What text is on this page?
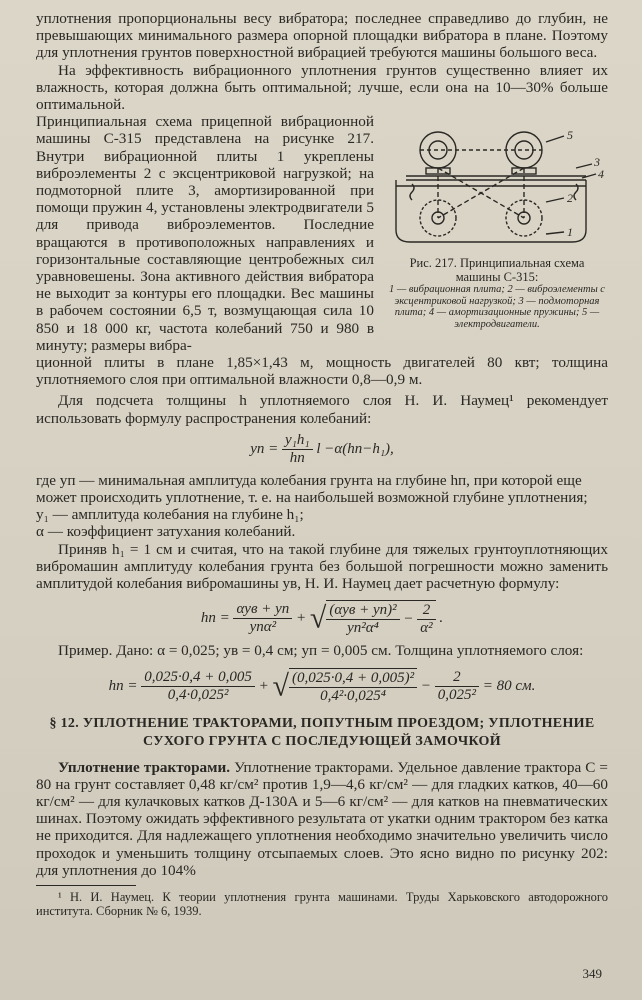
уплотнения пропорциональны весу вибратора; последнее справедливо до глубин, не превышающих минимального размера опорной площадки вибратора в плане. Поэтому для уплотнения грунтов поверхностной вибрацией требуются машины большого веса.

На эффективность вибрационного уплотнения грунтов существенно влияет их влажность, которая должна быть оптимальной; лучше, если она на 10—30% больше оптимальной.

Принципиальная схема прицепной вибрационной машины С-315 представлена на рисунке 217. Внутри вибрационной плиты 1 укреплены виброэлементы 2 с эксцентриковой нагрузкой; на подмоторной плите 3, амортизированной при помощи пружин 4, установлены электродвигатели 5 для привода виброэлементов. Последние вращаются в противоположных направлениях и горизонтальные составляющие центробежных сил уравновешены. Зона активного действия вибратора не выходит за контуры его площадки. Вес машины в рабочем состоянии 6,5 т, возмущающая сила 10 850 и 18 000 кг, частота колебаний 750 и 980 в минуту; размеры вибра-

ционной плиты в плане 1,85×1,43 м, мощность двигателей 80 квт; толщина уплотняемого слоя при оптимальной влажности 0,8—0,9 м.

Для подсчета толщины h уплотняемого слоя Н. И. Наумец¹ рекомендует использовать формулу распространения колебаний:

yп = $\frac{\text{y₁h₁}}{hп}$ l −α(hп−h₁),

где yп — минимальная амплитуда колебания грунта на глубине hп, при которой еще может происходить уплотнение, т. е. на наибольшей возможной глубине уплотнения;

y₁ — амплитуда колебания на глубине h₁;

α — коэффициент затухания колебаний.

Приняв h₁ = 1 см и считая, что на такой глубине для тяжелых грунтоуплотняющих вибромашин амплитуду колебания грунта без большой погрешности можно заменить амплитудой колебания вибромашины yв, Н. И. Наумец дает расчетную формулу:

hп = $\frac{\text{αyв + yп}}{\text{yпα²}}$ + √ $\frac{\text{(αyв + yп)²}}{\text{yп²α⁴}} - \frac{2}{\text{α²}}$ .

Пример. Дано: α = 0,025; yв = 0,4 см; yп = 0,005 см. Толщина уплотняемого слоя:

hп = $\frac{0,025\cdot 0,4 + 0,005}{\text{0,4·0,025²}}$ + √ $\frac{\text{(0,025·0,4 + 0,005)²}}{\text{0,4²·0,025⁴}} - \frac{2}{\text{0,025²}} = 80$ см.
§ 12. УПЛОТНЕНИЕ ТРАКТОРАМИ, ПОПУТНЫМ ПРОЕЗДОМ; УПЛОТНЕНИЕ СУХОГО ГРУНТА С ПОСЛЕДУЮЩЕЙ ЗАМОЧКОЙ

Уплотнение тракторами. Уплотнение тракторами. Удельное давление трактора С = 80 на грунт составляет 0,48 кг/см² против 1,9—4,6 кг/см² — для гладких катков, 40—60 кг/см² — для кулачковых катков Д-130А и 5—6 кг/см² — для катков на пневматических шинах. Поэтому ожидать эффективного результата от укатки одним трактором без катка не приходится. Для надлежащего уплотнения необходимо значительно увеличить число проходок и уменьшить толщину отсыпаемых слоев. Это ясно видно по рисунку 202: для уплотнения до 104%

¹ Н. И. Наумец. К теории уплотнения грунта машинами. Труды Харьковского автодорожного института. Сборник № 6, 1939.

5
3
4
2
1
Рис. 217. Принципиальная схема машины С-315:
1 — вибрационная плита; 2 — виброэлементы с эксцентриковой нагрузкой; 3 — подмоторная плита; 4 — амортизационные пружины; 5 — электродвигатели.
349
